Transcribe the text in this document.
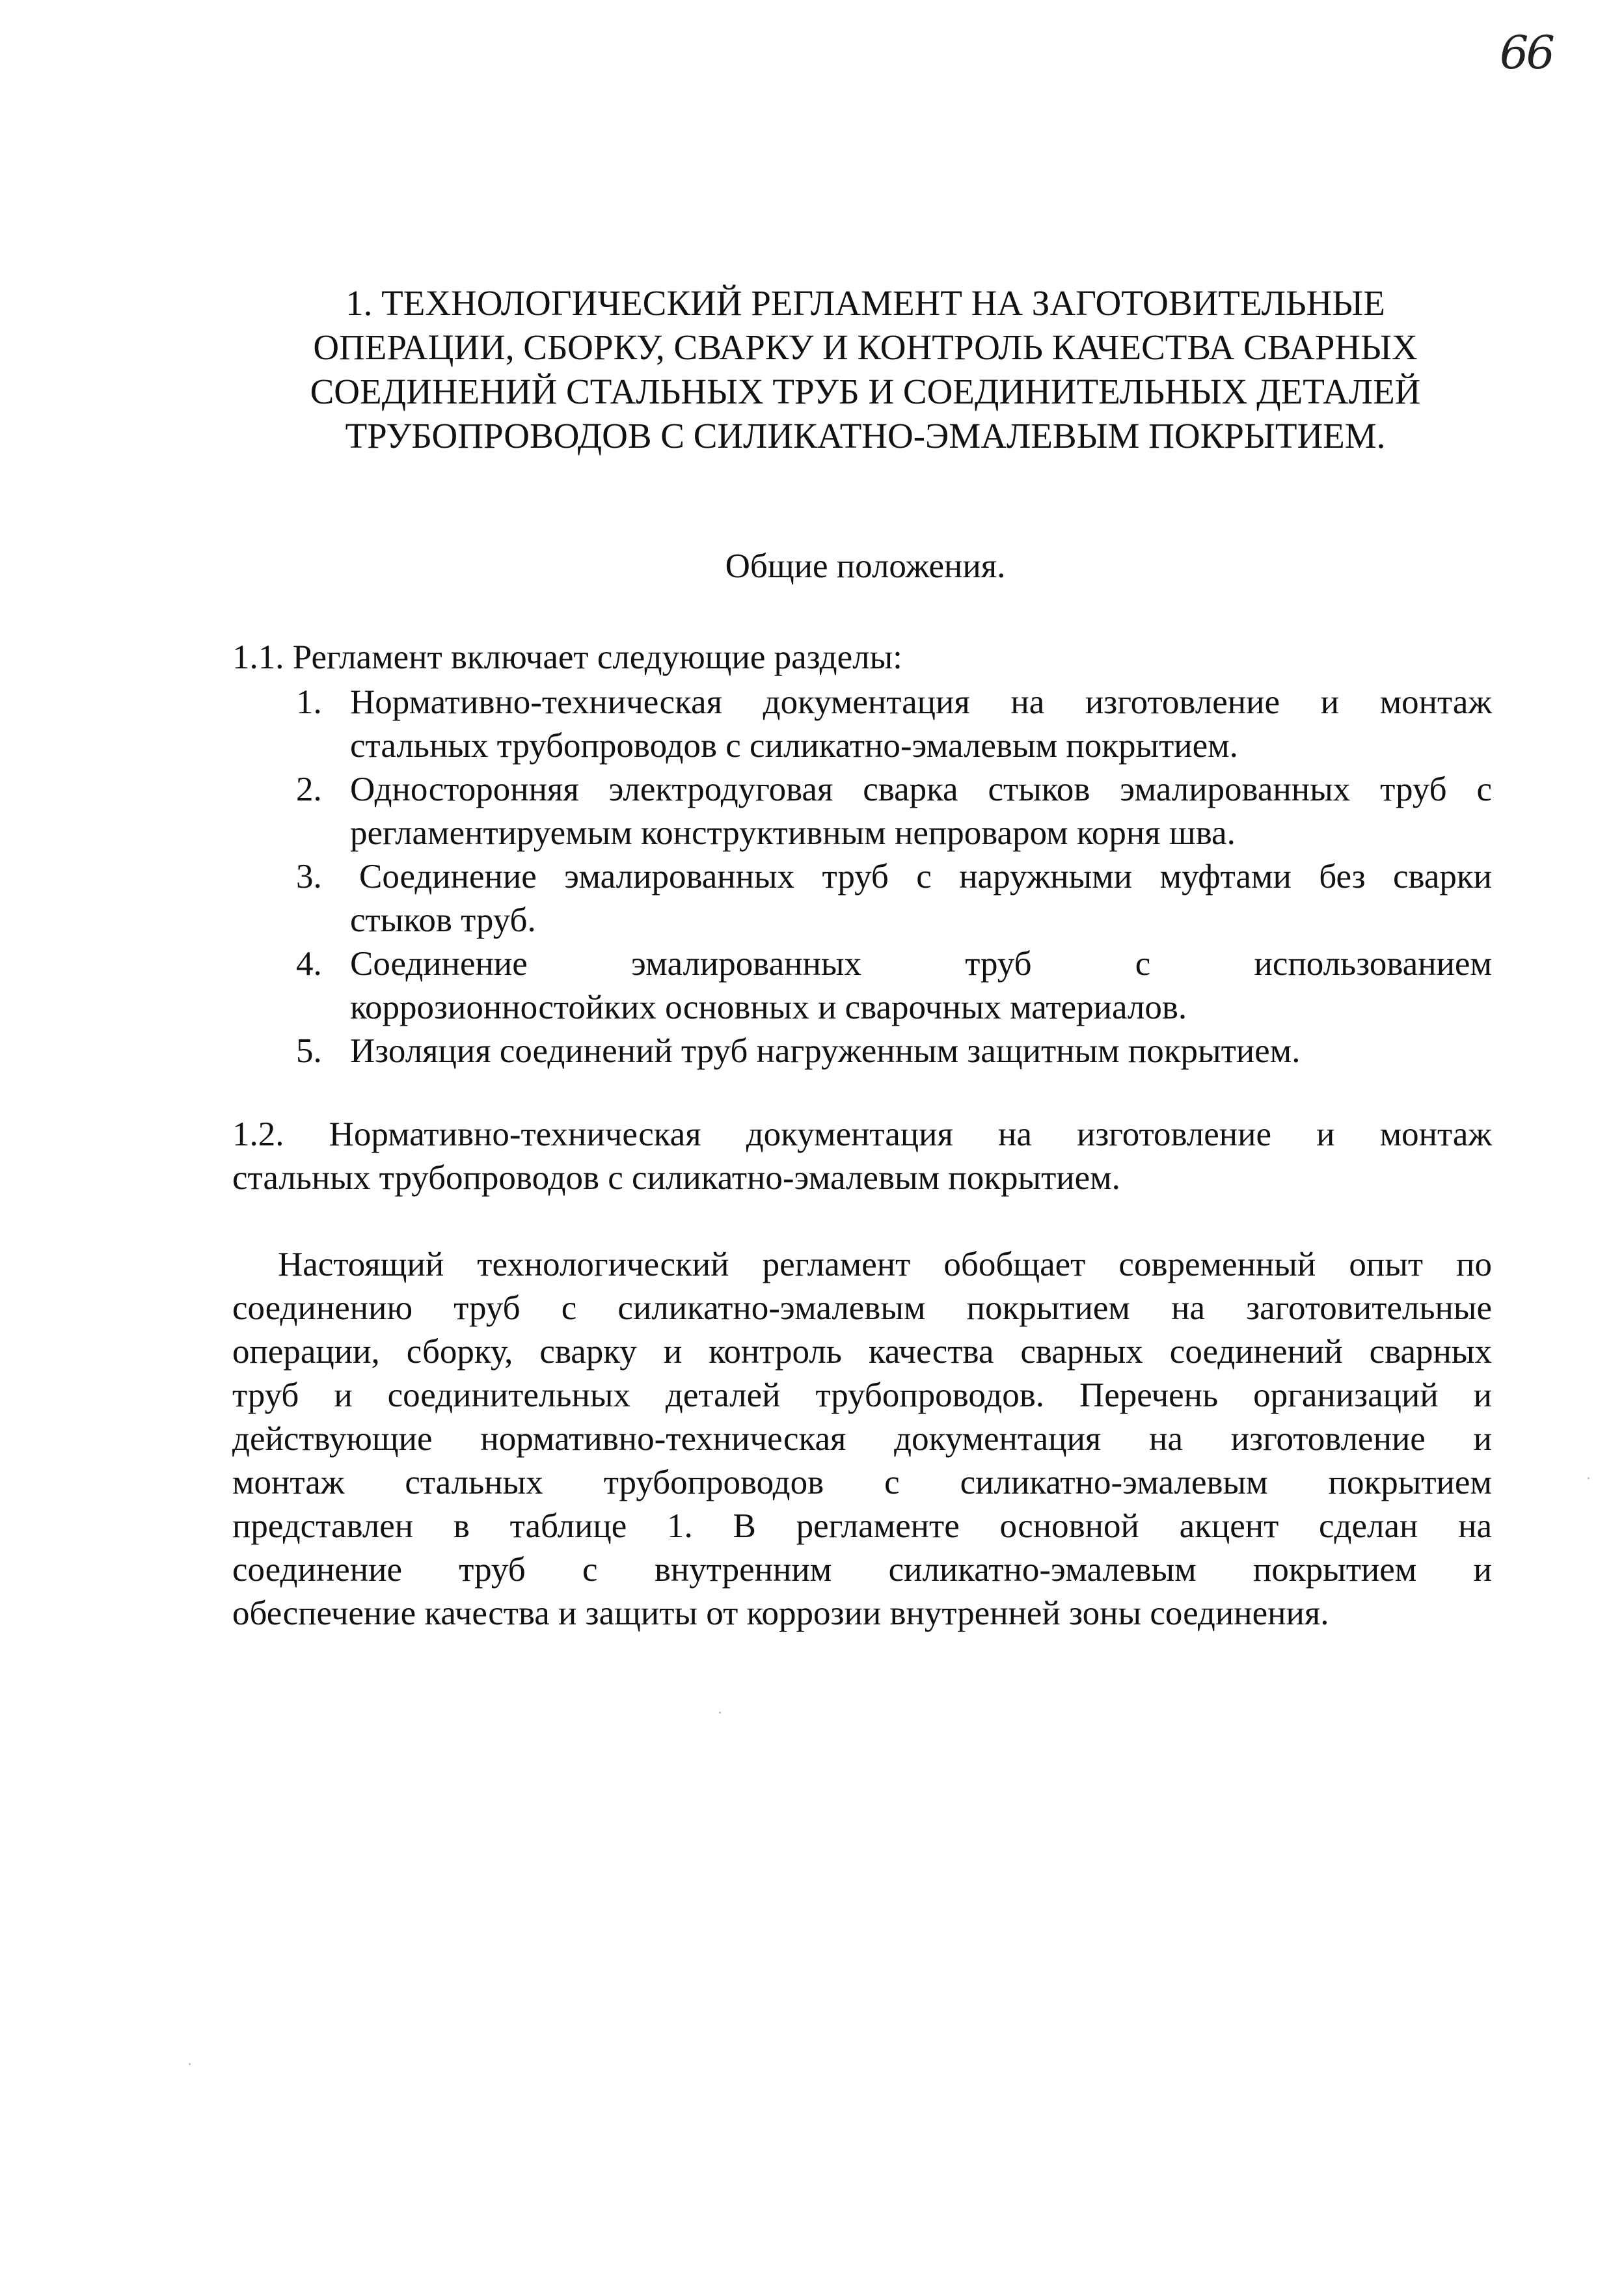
66
1. ТЕХНОЛОГИЧЕСКИЙ РЕГЛАМЕНТ НА ЗАГОТОВИТЕЛЬНЫЕ
ОПЕРАЦИИ, СБОРКУ, СВАРКУ И КОНТРОЛЬ КАЧЕСТВА СВАРНЫХ
СОЕДИНЕНИЙ СТАЛЬНЫХ ТРУБ И СОЕДИНИТЕЛЬНЫХ ДЕТАЛЕЙ
ТРУБОПРОВОДОВ С СИЛИКАТНО-ЭМАЛЕВЫМ ПОКРЫТИЕМ.
Общие положения.
1.1. Регламент включает следующие разделы:
1. Нормативно-техническая документация на изготовление и монтаж
стальных трубопроводов с силикатно-эмалевым покрытием.
2. Односторонняя электродуговая сварка стыков эмалированных труб с
регламентируемым конструктивным непроваром корня шва.
3. Соединение эмалированных труб с наружными муфтами без сварки
стыков труб.
4. Соединение эмалированных труб с использованием
коррозионностойких основных и сварочных материалов.
5. Изоляция соединений труб нагруженным защитным покрытием.
1.2. Нормативно-техническая документация на изготовление и монтаж
стальных трубопроводов с силикатно-эмалевым покрытием.
Настоящий технологический регламент обобщает современный опыт по
соединению труб с силикатно-эмалевым покрытием на заготовительные
операции, сборку, сварку и контроль качества сварных соединений сварных
труб и соединительных деталей трубопроводов. Перечень организаций и
действующие нормативно-техническая документация на изготовление и
монтаж стальных трубопроводов с силикатно-эмалевым покрытием
представлен в таблице 1. В регламенте основной акцент сделан на
соединение труб с внутренним силикатно-эмалевым покрытием и
обеспечение качества и защиты от коррозии внутренней зоны соединения.
